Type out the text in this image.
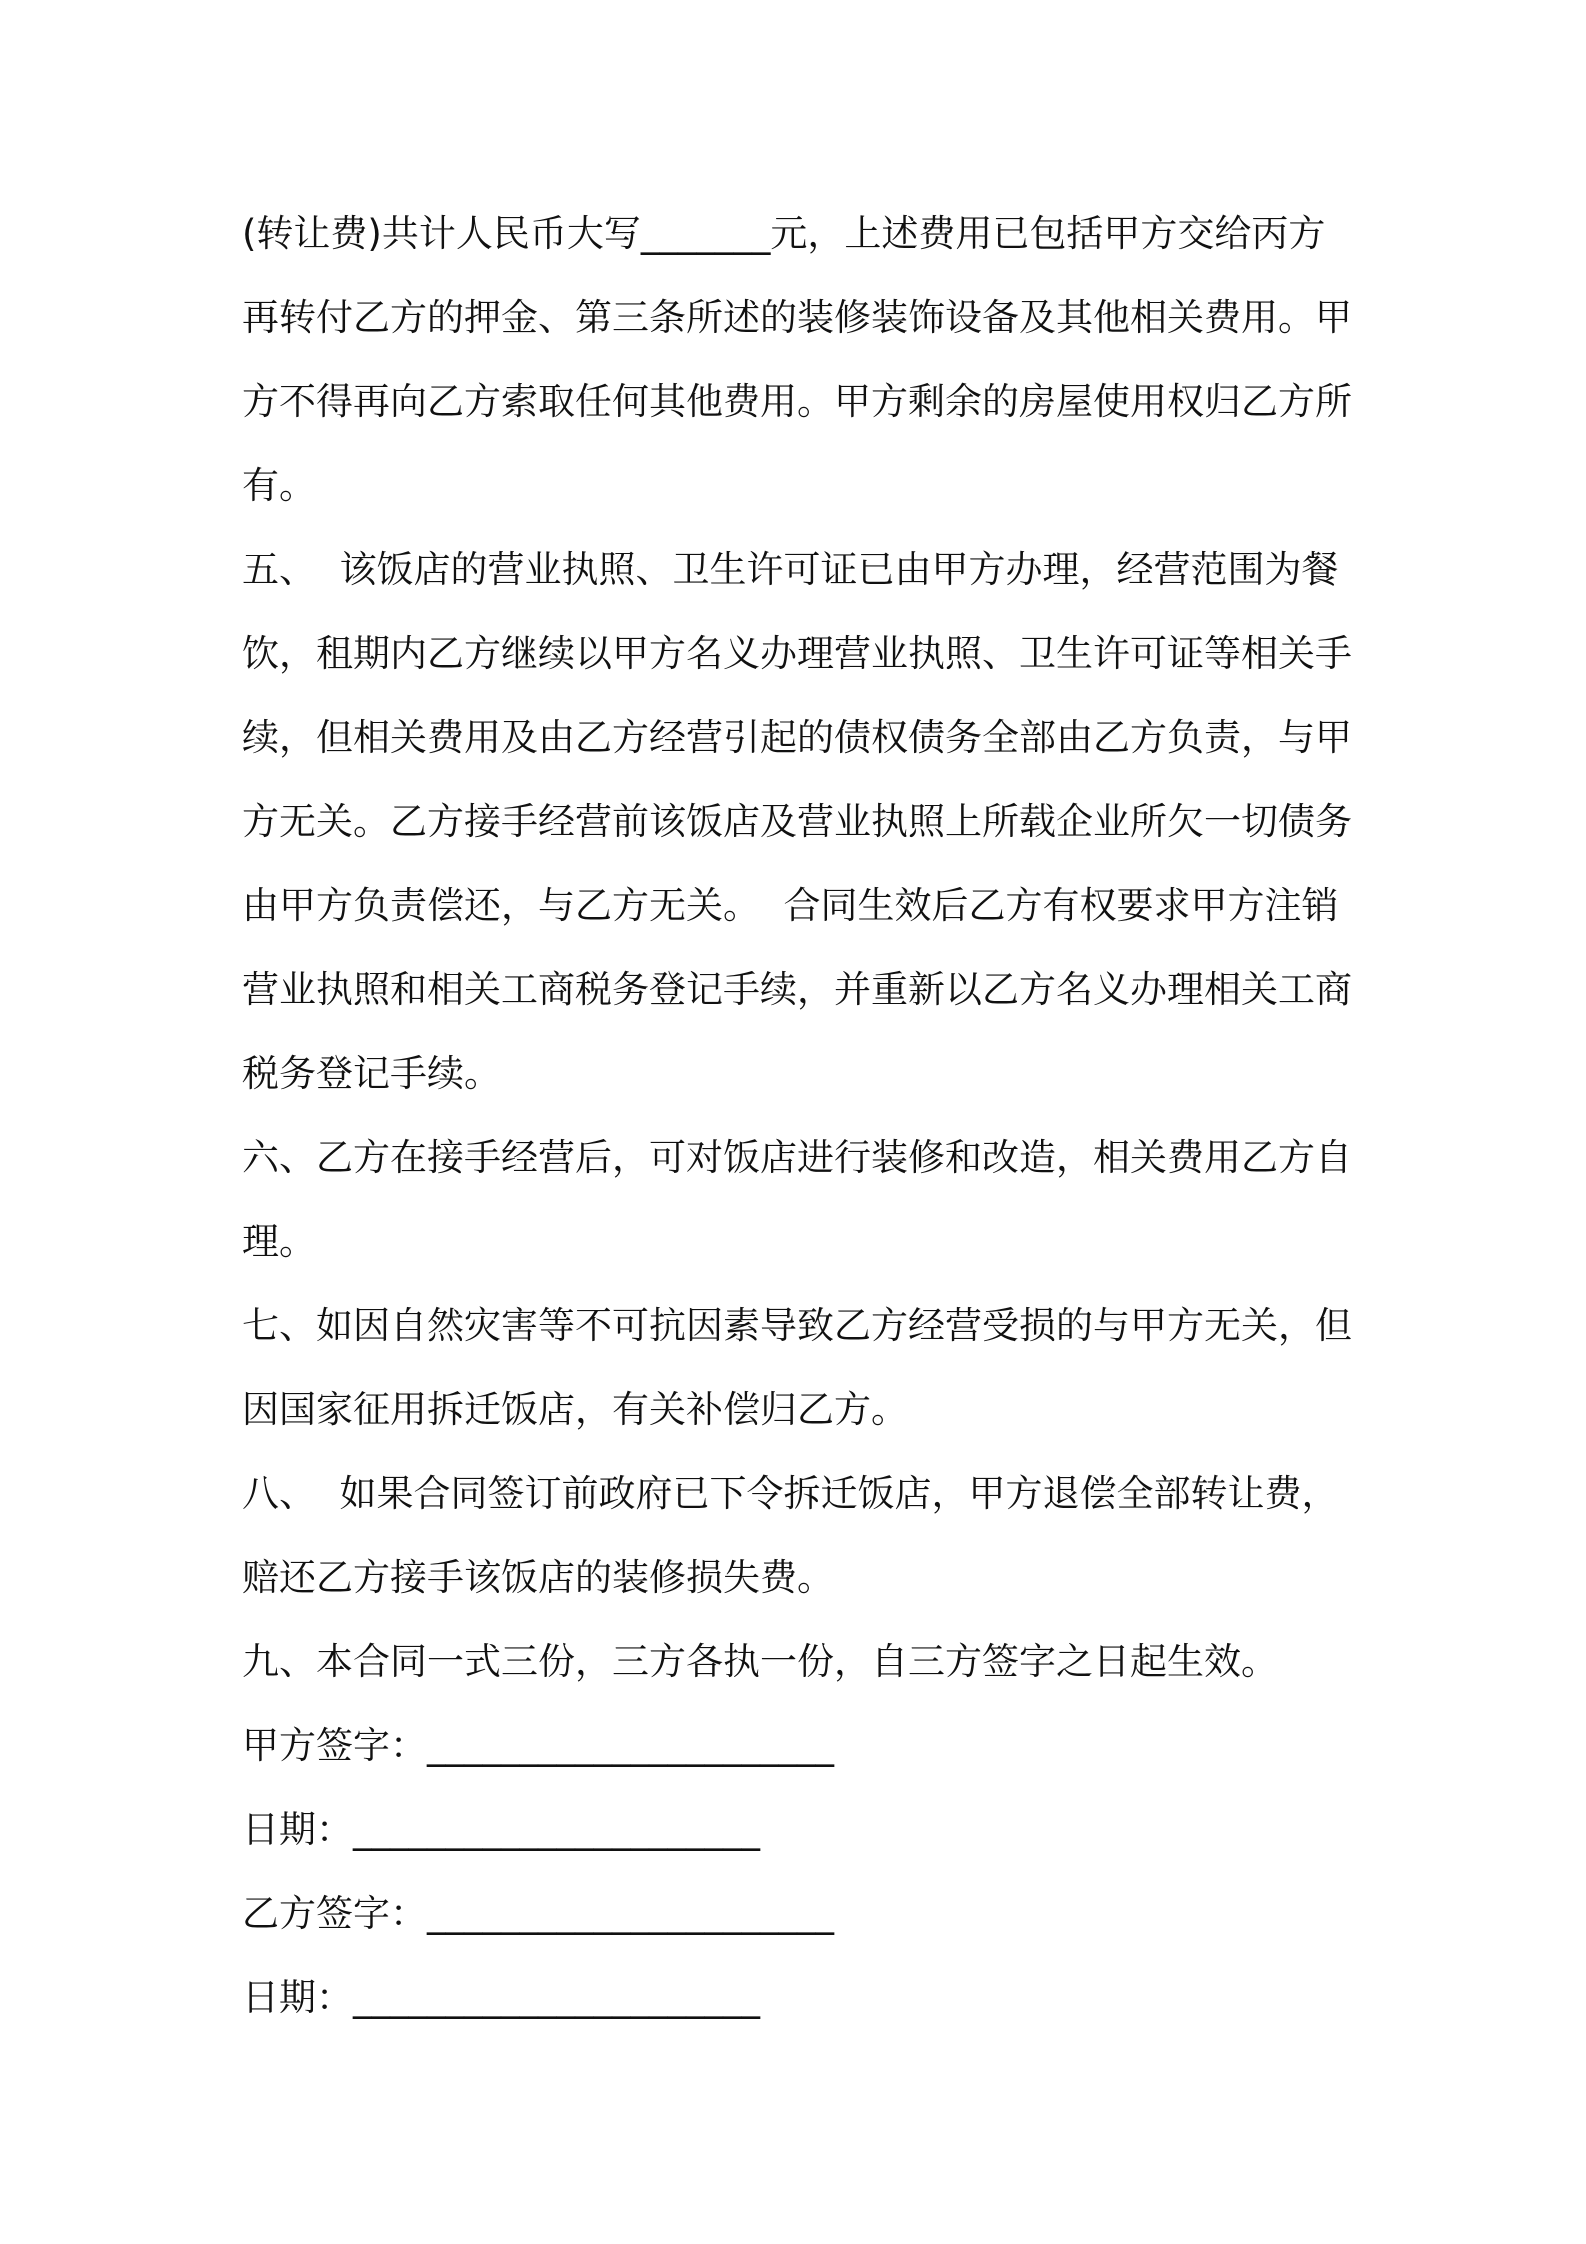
(转让费)共计人民币大写_______元，上述费用已包括甲方交给丙方
再转付乙方的押金、第三条所述的装修装饰设备及其他相关费用。甲
方不得再向乙方索取任何其他费用。甲方剩余的房屋使用权归乙方所
有。
五、  该饭店的营业执照、卫生许可证已由甲方办理，经营范围为餐
饮，租期内乙方继续以甲方名义办理营业执照、卫生许可证等相关手
续，但相关费用及由乙方经营引起的债权债务全部由乙方负责，与甲
方无关。乙方接手经营前该饭店及营业执照上所载企业所欠一切债务
由甲方负责偿还，与乙方无关。  合同生效后乙方有权要求甲方注销
营业执照和相关工商税务登记手续，并重新以乙方名义办理相关工商
税务登记手续。
六、乙方在接手经营后，可对饭店进行装修和改造，相关费用乙方自
理。
七、如因自然灾害等不可抗因素导致乙方经营受损的与甲方无关，但
因国家征用拆迁饭店，有关补偿归乙方。
八、  如果合同签订前政府已下令拆迁饭店，甲方退偿全部转让费，
赔还乙方接手该饭店的装修损失费。
九、本合同一式三份，三方各执一份，自三方签字之日起生效。
甲方签字： ______________________
日期： ______________________
乙方签字： ______________________
日期： ______________________
